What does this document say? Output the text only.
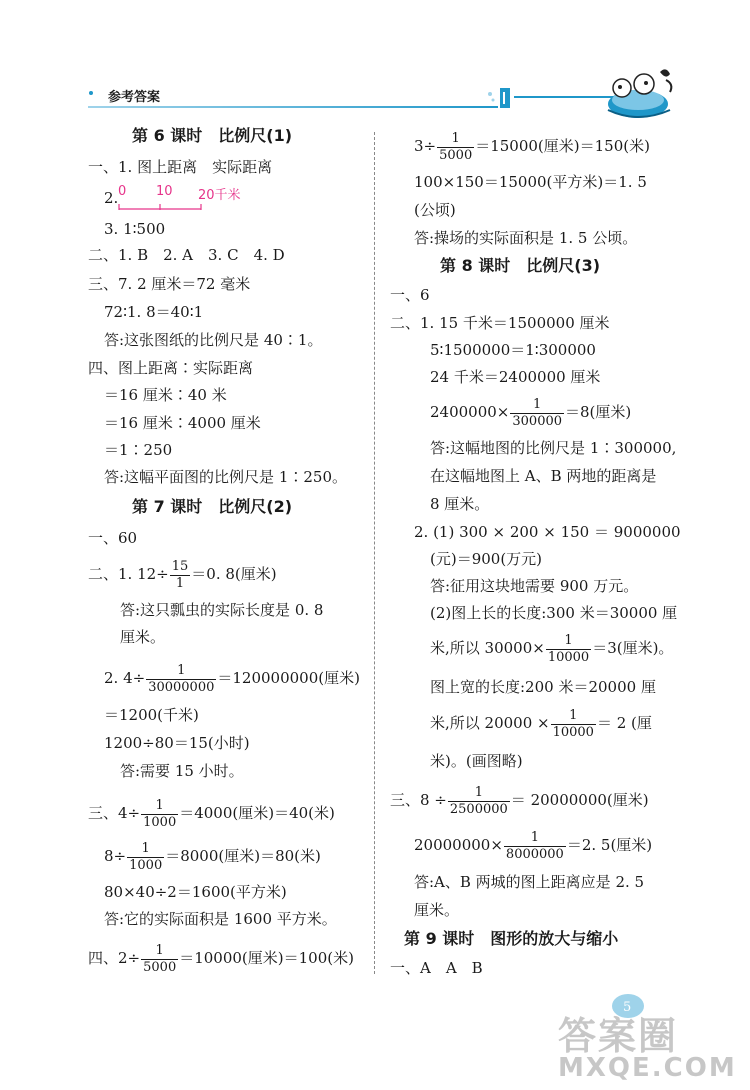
参考答案
第 6 课时　比例尺(1)
一、1. 图上距离　实际距离
2. 0 10 20千米
3. 1∶500
二、1. B　2. A　3. C　4. D
三、7. 2 厘米＝72 毫米
72∶1. 8＝40∶1
答:这张图纸的比例尺是 40∶1。
四、图上距离∶实际距离
＝16 厘米∶40 米
＝16 厘米∶4000 厘米
＝1∶250
答:这幅平面图的比例尺是 1∶250。
第 7 课时　比例尺(2)
一、60
二、1. $12\div \frac{15}{1} =0$. 8(厘米)
答:这只瓢虫的实际长度是 0. 8
厘米。
2. $4\div \frac{1}{30000000} =120000000$(厘米)
＝1200(千米)
1200÷80＝15(小时)
答:需要 15 小时。
三、$4\div \frac{1}{1000} =4000$(厘米)＝40(米)
$8\div \frac{1}{1000} =8000$(厘米)＝80(米)
80×40÷2＝1600(平方米)
答:它的实际面积是 1600 平方米。
四、$2\div \frac{1}{5000} =10000$(厘米)＝100(米)
$3\div \frac{1}{5000} =15000$(厘米)＝150(米)
100×150＝15000(平方米)＝1. 5
(公顷)
答:操场的实际面积是 1. 5 公顷。
第 8 课时　比例尺(3)
一、6
二、1. 15 千米＝1500000 厘米
5∶1500000＝1∶300000
24 千米＝2400000 厘米
$2400000\times \frac{1}{300000} =8$(厘米)
答:这幅地图的比例尺是 1∶300000,
在这幅地图上 A、B 两地的距离是
8 厘米。
2. (1) 300 × 200 × 150 ＝ 9000000
(元)＝900(万元)
答:征用这块地需要 900 万元。
(2)图上长的长度:300 米＝30000 厘
米,所以 $30000\times \frac{1}{10000} =3$(厘米)。
图上宽的长度:200 米＝20000 厘
米,所以 $20000 \times \frac{1}{10000} = 2$ (厘
米)。(画图略)
三、$8 \div \frac{1}{2500000} = 20000000$(厘米)
$20000000\times \frac{1}{8000000} =2$. 5(厘米)
答:A、B 两城的图上距离应是 2. 5
厘米。
第 9 课时　图形的放大与缩小
一、A　A　B
5
答案圈
MXQE.COM
